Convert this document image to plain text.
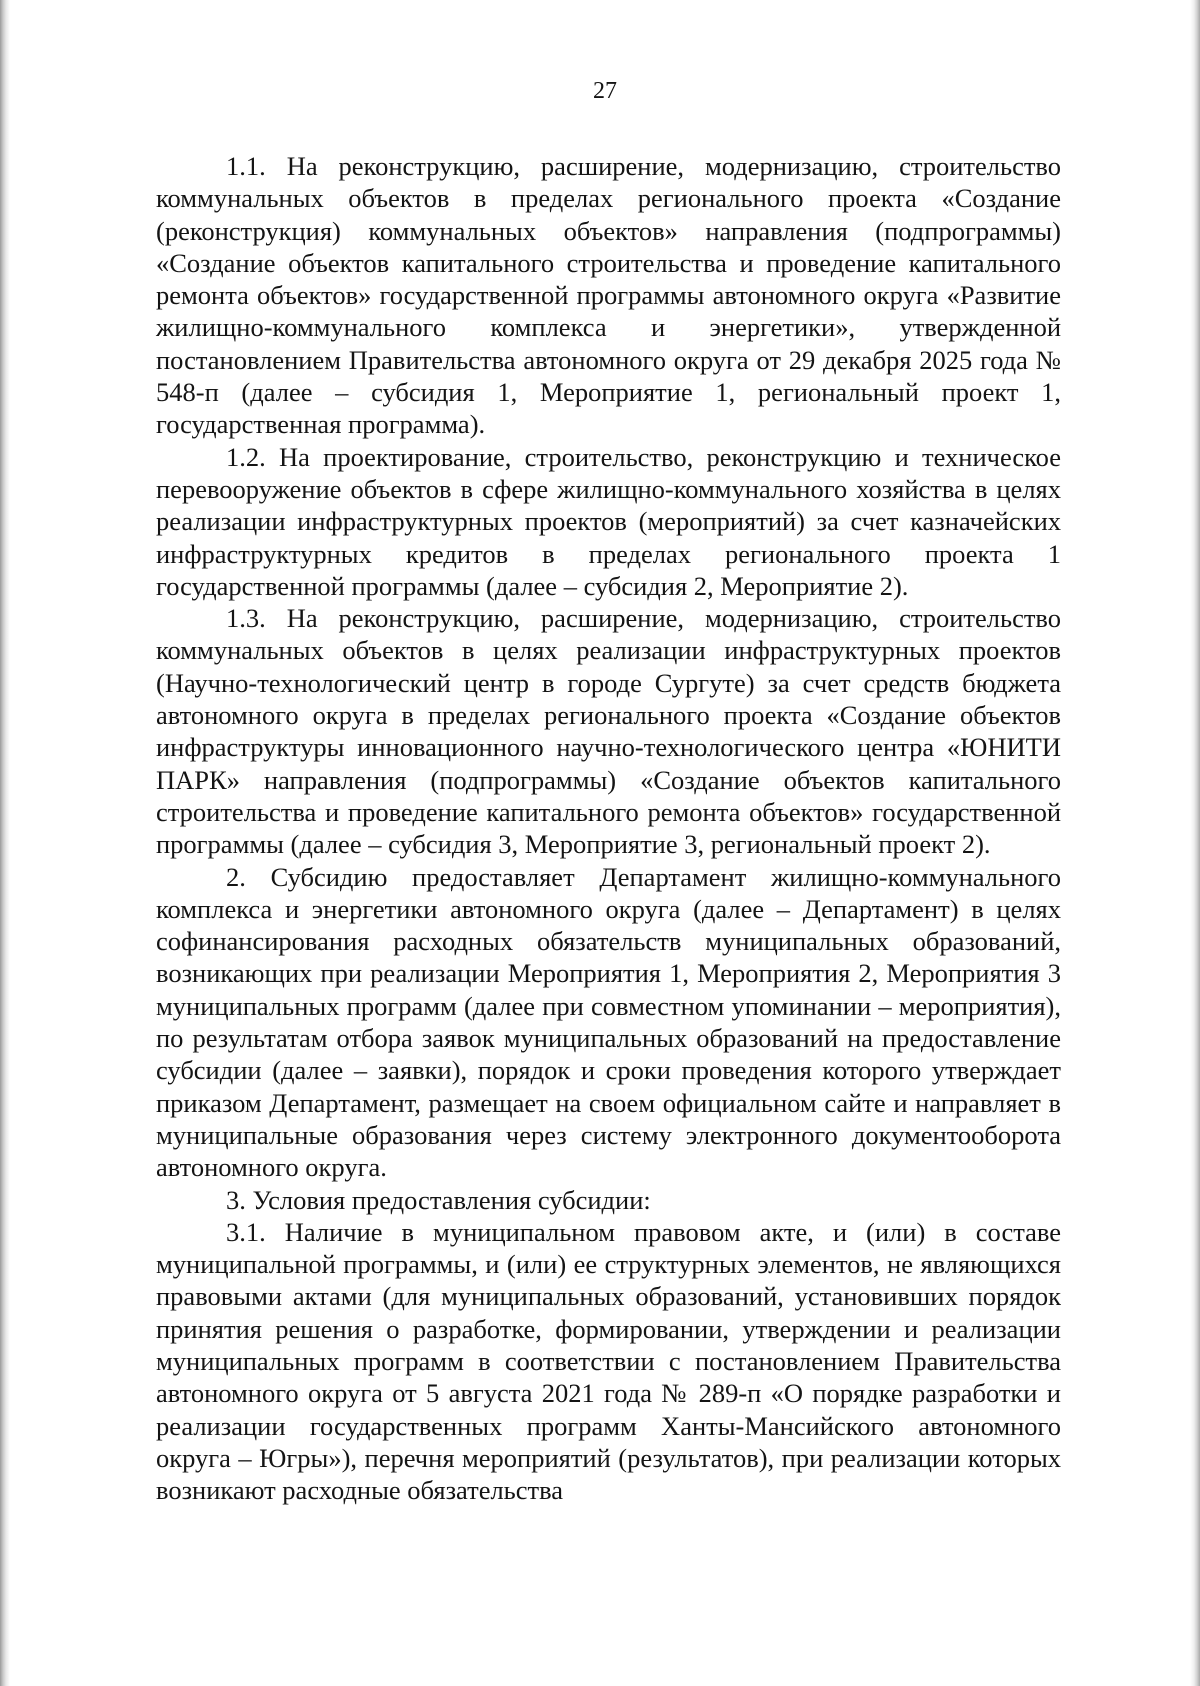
27

1.1. На реконструкцию, расширение, модернизацию, строительство коммунальных объектов в пределах регионального проекта «Создание (реконструкция) коммунальных объектов» направления (подпрограммы) «Создание объектов капитального строительства и проведение капитального ремонта объектов» государственной программы автономного округа «Развитие жилищно-коммунального комплекса и энергетики», утвержденной постановлением Правительства автономного округа от 29 декабря 2025 года № 548-п (далее – субсидия 1, Мероприятие 1, региональный проект 1, государственная программа).

1.2. На проектирование, строительство, реконструкцию и техническое перевооружение объектов в сфере жилищно-коммунального хозяйства в целях реализации инфраструктурных проектов (мероприятий) за счет казначейских инфраструктурных кредитов в пределах регионального проекта 1 государственной программы (далее – субсидия 2, Мероприятие 2).

1.3. На реконструкцию, расширение, модернизацию, строительство коммунальных объектов в целях реализации инфраструктурных проектов (Научно-технологический центр в городе Сургуте) за счет средств бюджета автономного округа в пределах регионального проекта «Создание объектов инфраструктуры инновационного научно-технологического центра «ЮНИТИ ПАРК» направления (подпрограммы) «Создание объектов капитального строительства и проведение капитального ремонта объектов» государственной программы (далее – субсидия 3, Мероприятие 3, региональный проект 2).

2. Субсидию предоставляет Департамент жилищно-коммунального комплекса и энергетики автономного округа (далее – Департамент) в целях софинансирования расходных обязательств муниципальных образований, возникающих при реализации Мероприятия 1, Мероприятия 2, Мероприятия 3 муниципальных программ (далее при совместном упоминании – мероприятия), по результатам отбора заявок муниципальных образований на предоставление субсидии (далее – заявки), порядок и сроки проведения которого утверждает приказом Департамент, размещает на своем официальном сайте и направляет в муниципальные образования через систему электронного документооборота автономного округа.

3. Условия предоставления субсидии:

3.1. Наличие в муниципальном правовом акте, и (или) в составе муниципальной программы, и (или) ее структурных элементов, не являющихся правовыми актами (для муниципальных образований, установивших порядок принятия решения о разработке, формировании, утверждении и реализации муниципальных программ в соответствии с постановлением Правительства автономного округа от 5 августа 2021 года № 289-п «О порядке разработки и реализации государственных программ Ханты-Мансийского автономного округа – Югры»), перечня мероприятий (результатов), при реализации которых возникают расходные обязательства
